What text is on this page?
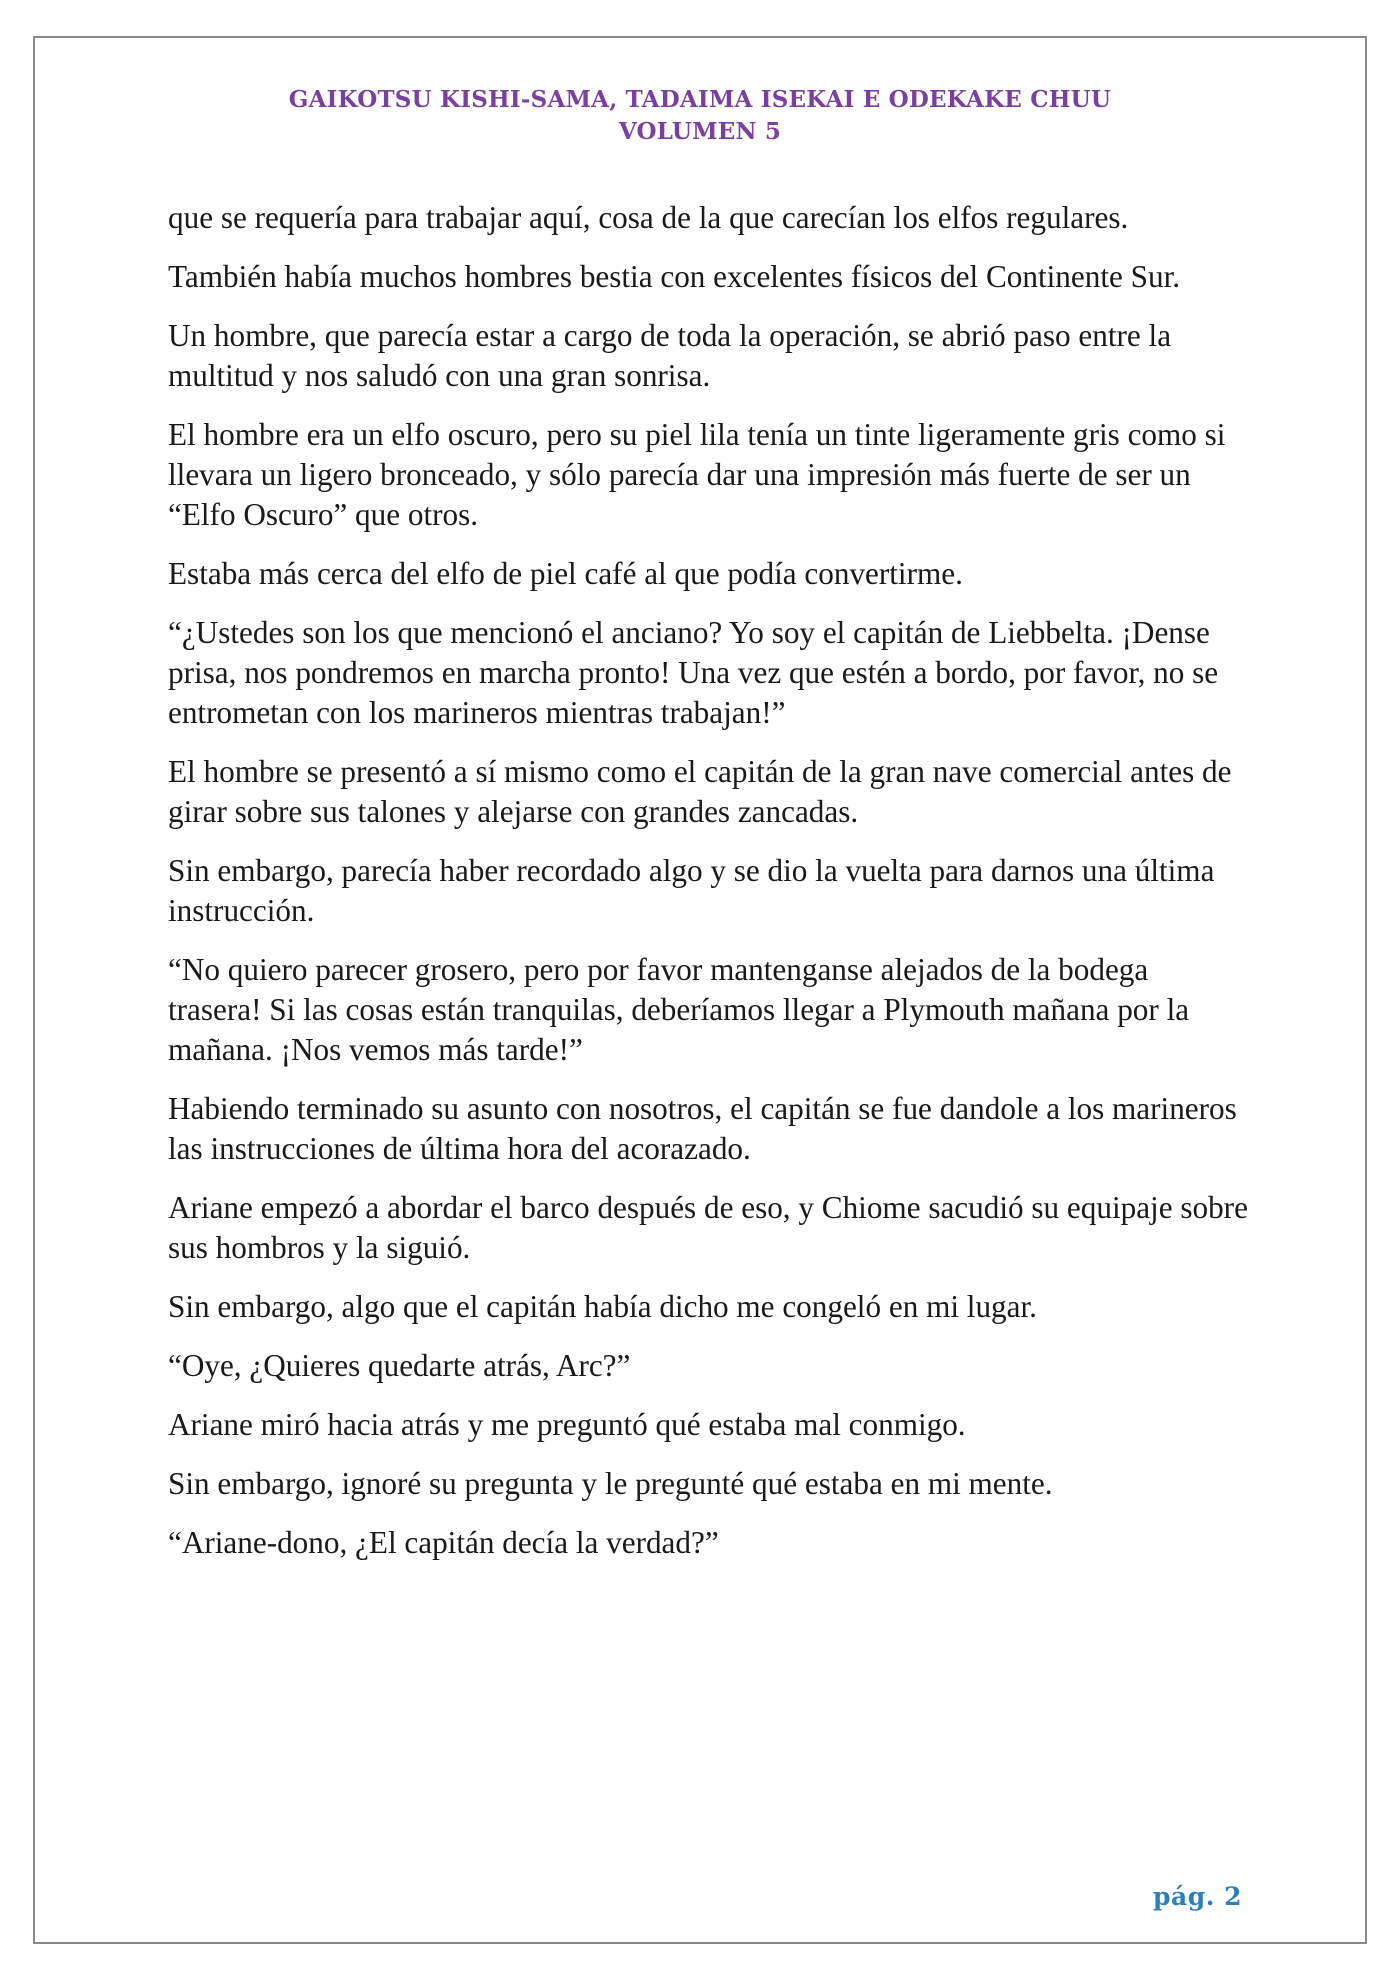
GAIKOTSU KISHI-SAMA, TADAIMA ISEKAI E ODEKAKE CHUU
VOLUMEN 5

que se requería para trabajar aquí, cosa de la que carecían los elfos regulares.

También había muchos hombres bestia con excelentes físicos del Continente Sur.

Un hombre, que parecía estar a cargo de toda la operación, se abrió paso entre la multitud y nos saludó con una gran sonrisa.

El hombre era un elfo oscuro, pero su piel lila tenía un tinte ligeramente gris como si llevara un ligero bronceado, y sólo parecía dar una impresión más fuerte de ser un “Elfo Oscuro” que otros.

Estaba más cerca del elfo de piel café al que podía convertirme.

“¿Ustedes son los que mencionó el anciano? Yo soy el capitán de Liebbelta. ¡Dense prisa, nos pondremos en marcha pronto! Una vez que estén a bordo, por favor, no se entrometan con los marineros mientras trabajan!”

El hombre se presentó a sí mismo como el capitán de la gran nave comercial antes de girar sobre sus talones y alejarse con grandes zancadas.

Sin embargo, parecía haber recordado algo y se dio la vuelta para darnos una última instrucción.

“No quiero parecer grosero, pero por favor mantenganse alejados de la bodega trasera! Si las cosas están tranquilas, deberíamos llegar a Plymouth mañana por la mañana. ¡Nos vemos más tarde!”

Habiendo terminado su asunto con nosotros, el capitán se fue dandole a los marineros las instrucciones de última hora del acorazado.

Ariane empezó a abordar el barco después de eso, y Chiome sacudió su equipaje sobre sus hombros y la siguió.

Sin embargo, algo que el capitán había dicho me congeló en mi lugar.

“Oye, ¿Quieres quedarte atrás, Arc?”

Ariane miró hacia atrás y me preguntó qué estaba mal conmigo.

Sin embargo, ignoré su pregunta y le pregunté qué estaba en mi mente.

“Ariane-dono, ¿El capitán decía la verdad?”

pág. 2
